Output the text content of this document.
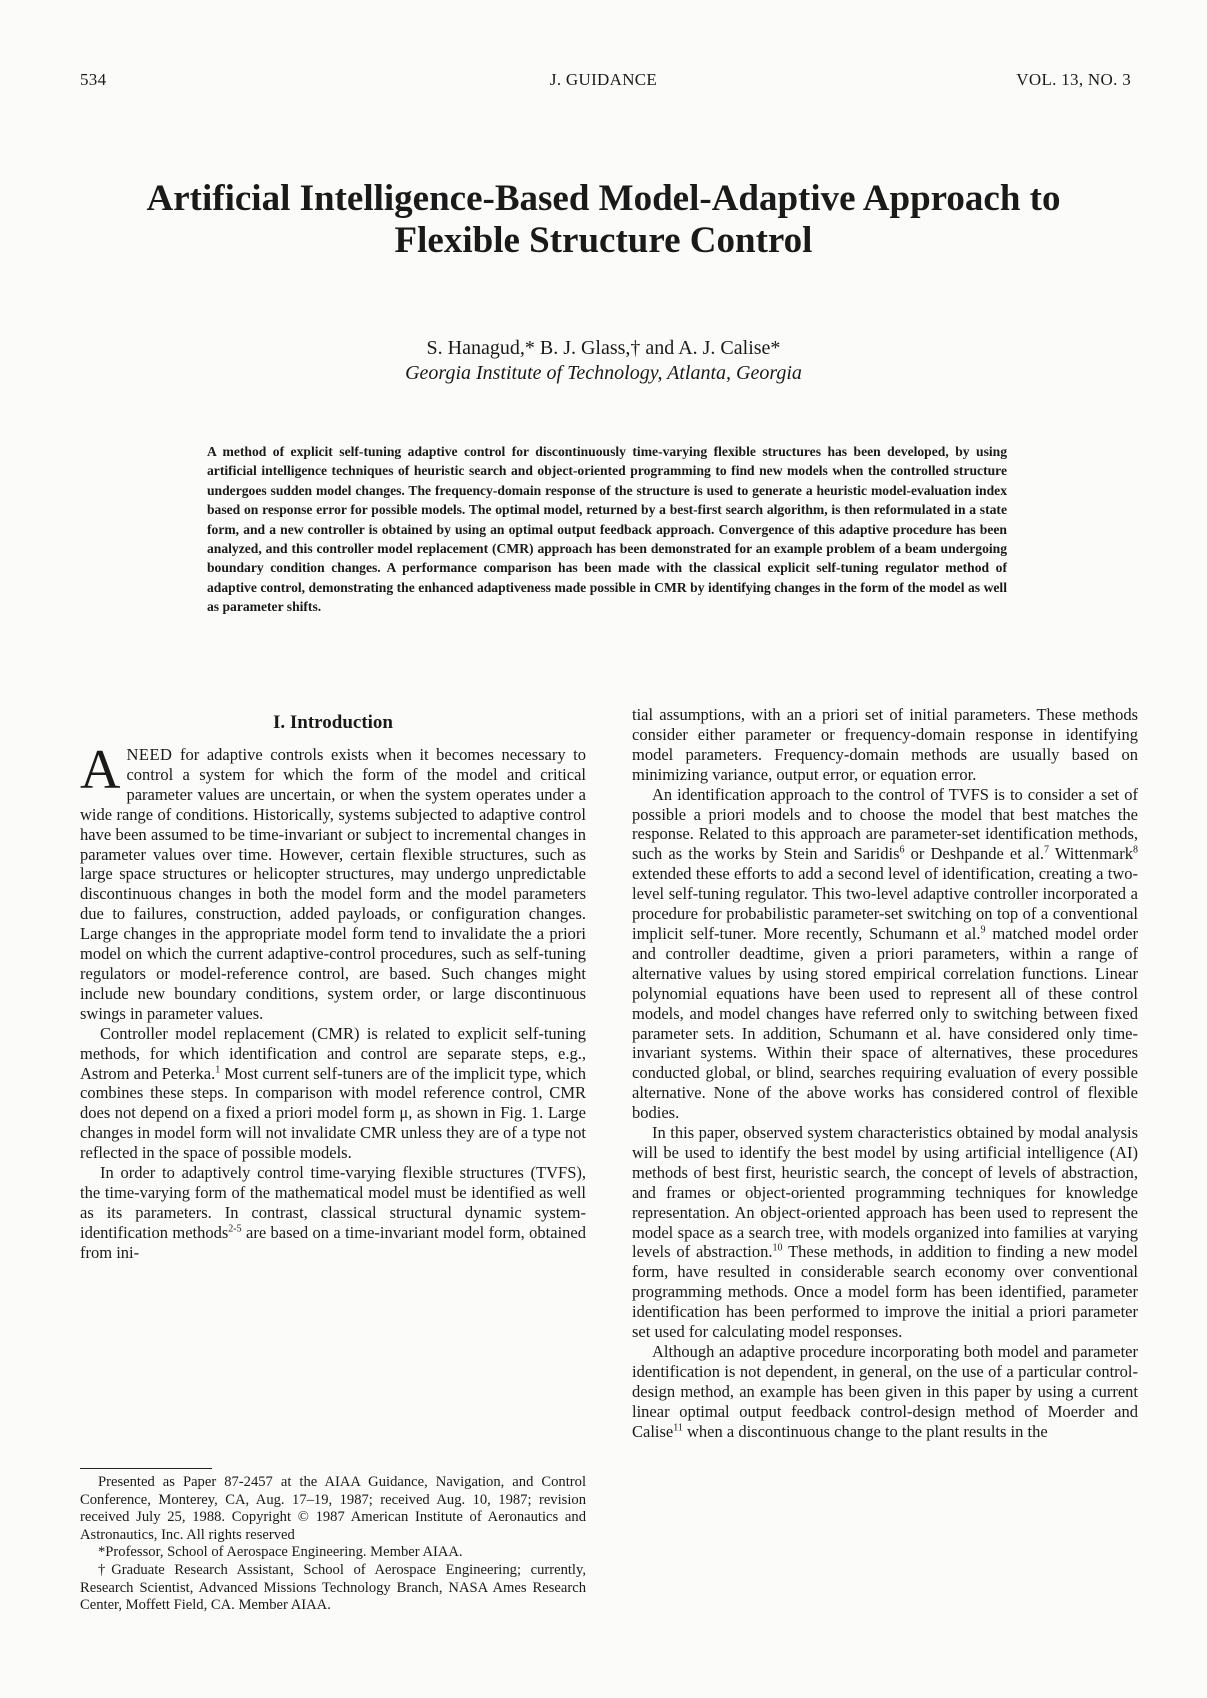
534	J. GUIDANCE	VOL. 13, NO. 3
Artificial Intelligence-Based Model-Adaptive Approach to
Flexible Structure Control
S. Hanagud,* B. J. Glass,† and A. J. Calise*
Georgia Institute of Technology, Atlanta, Georgia
A method of explicit self-tuning adaptive control for discontinuously time-varying flexible structures has been developed, by using artificial intelligence techniques of heuristic search and object-oriented programming to find new models when the controlled structure undergoes sudden model changes. The frequency-domain response of the structure is used to generate a heuristic model-evaluation index based on response error for possible models. The optimal model, returned by a best-first search algorithm, is then reformulated in a state form, and a new controller is obtained by using an optimal output feedback approach. Convergence of this adaptive procedure has been analyzed, and this controller model replacement (CMR) approach has been demonstrated for an example problem of a beam undergoing boundary condition changes. A performance comparison has been made with the classical explicit self-tuning regulator method of adaptive control, demonstrating the enhanced adaptiveness made possible in CMR by identifying changes in the form of the model as well as parameter shifts.
I. Introduction

ANEED for adaptive controls exists when it becomes necessary to control a system for which the form of the model and critical parameter values are uncertain, or when the system operates under a wide range of conditions. Historically, systems subjected to adaptive control have been assumed to be time-invariant or subject to incremental changes in parameter values over time. However, certain flexible structures, such as large space structures or helicopter structures, may undergo unpredictable discontinuous changes in both the model form and the model parameters due to failures, construction, added payloads, or configuration changes. Large changes in the appropriate model form tend to invalidate the a priori model on which the current adaptive-control procedures, such as self-tuning regulators or model-reference control, are based. Such changes might include new boundary conditions, system order, or large discontinuous swings in parameter values.

Controller model replacement (CMR) is related to explicit self-tuning methods, for which identification and control are separate steps, e.g., Astrom and Peterka.$^1$ Most current self-tuners are of the implicit type, which combines these steps. In comparison with model reference control, CMR does not depend on a fixed a priori model form μ, as shown in Fig. 1. Large changes in model form will not invalidate CMR unless they are of a type not reflected in the space of possible models.

In order to adaptively control time-varying flexible structures (TVFS), the time-varying form of the mathematical model must be identified as well as its parameters. In contrast, classical structural dynamic system-identification methods$^{2-5}$ are based on a time-invariant model form, obtained from ini-

tial assumptions, with an a priori set of initial parameters. These methods consider either parameter or frequency-domain response in identifying model parameters. Frequency-domain methods are usually based on minimizing variance, output error, or equation error.

An identification approach to the control of TVFS is to consider a set of possible a priori models and to choose the model that best matches the response. Related to this approach are parameter-set identification methods, such as the works by Stein and Saridis$^6$ or Deshpande et al.$^7$ Wittenmark$^8$ extended these efforts to add a second level of identification, creating a two-level self-tuning regulator. This two-level adaptive controller incorporated a procedure for probabilistic parameter-set switching on top of a conventional implicit self-tuner. More recently, Schumann et al.$^9$ matched model order and controller deadtime, given a priori parameters, within a range of alternative values by using stored empirical correlation functions. Linear polynomial equations have been used to represent all of these control models, and model changes have referred only to switching between fixed parameter sets. In addition, Schumann et al. have considered only time-invariant systems. Within their space of alternatives, these procedures conducted global, or blind, searches requiring evaluation of every possible alternative. None of the above works has considered control of flexible bodies.

In this paper, observed system characteristics obtained by modal analysis will be used to identify the best model by using artificial intelligence (AI) methods of best first, heuristic search, the concept of levels of abstraction, and frames or object-oriented programming techniques for knowledge representation. An object-oriented approach has been used to represent the model space as a search tree, with models organized into families at varying levels of abstraction.$^{10}$ These methods, in addition to finding a new model form, have resulted in considerable search economy over conventional programming methods. Once a model form has been identified, parameter identification has been performed to improve the initial a priori parameter set used for calculating model responses.

Although an adaptive procedure incorporating both model and parameter identification is not dependent, in general, on the use of a particular control-design method, an example has been given in this paper by using a current linear optimal output feedback control-design method of Moerder and Calise$^{11}$ when a discontinuous change to the plant results in the

Presented as Paper 87-2457 at the AIAA Guidance, Navigation, and Control Conference, Monterey, CA, Aug. 17–19, 1987; received Aug. 10, 1987; revision received July 25, 1988. Copyright © 1987 American Institute of Aeronautics and Astronautics, Inc. All rights reserved

*Professor, School of Aerospace Engineering. Member AIAA.

†Graduate Research Assistant, School of Aerospace Engineering; currently, Research Scientist, Advanced Missions Technology Branch, NASA Ames Research Center, Moffett Field, CA. Member AIAA.
